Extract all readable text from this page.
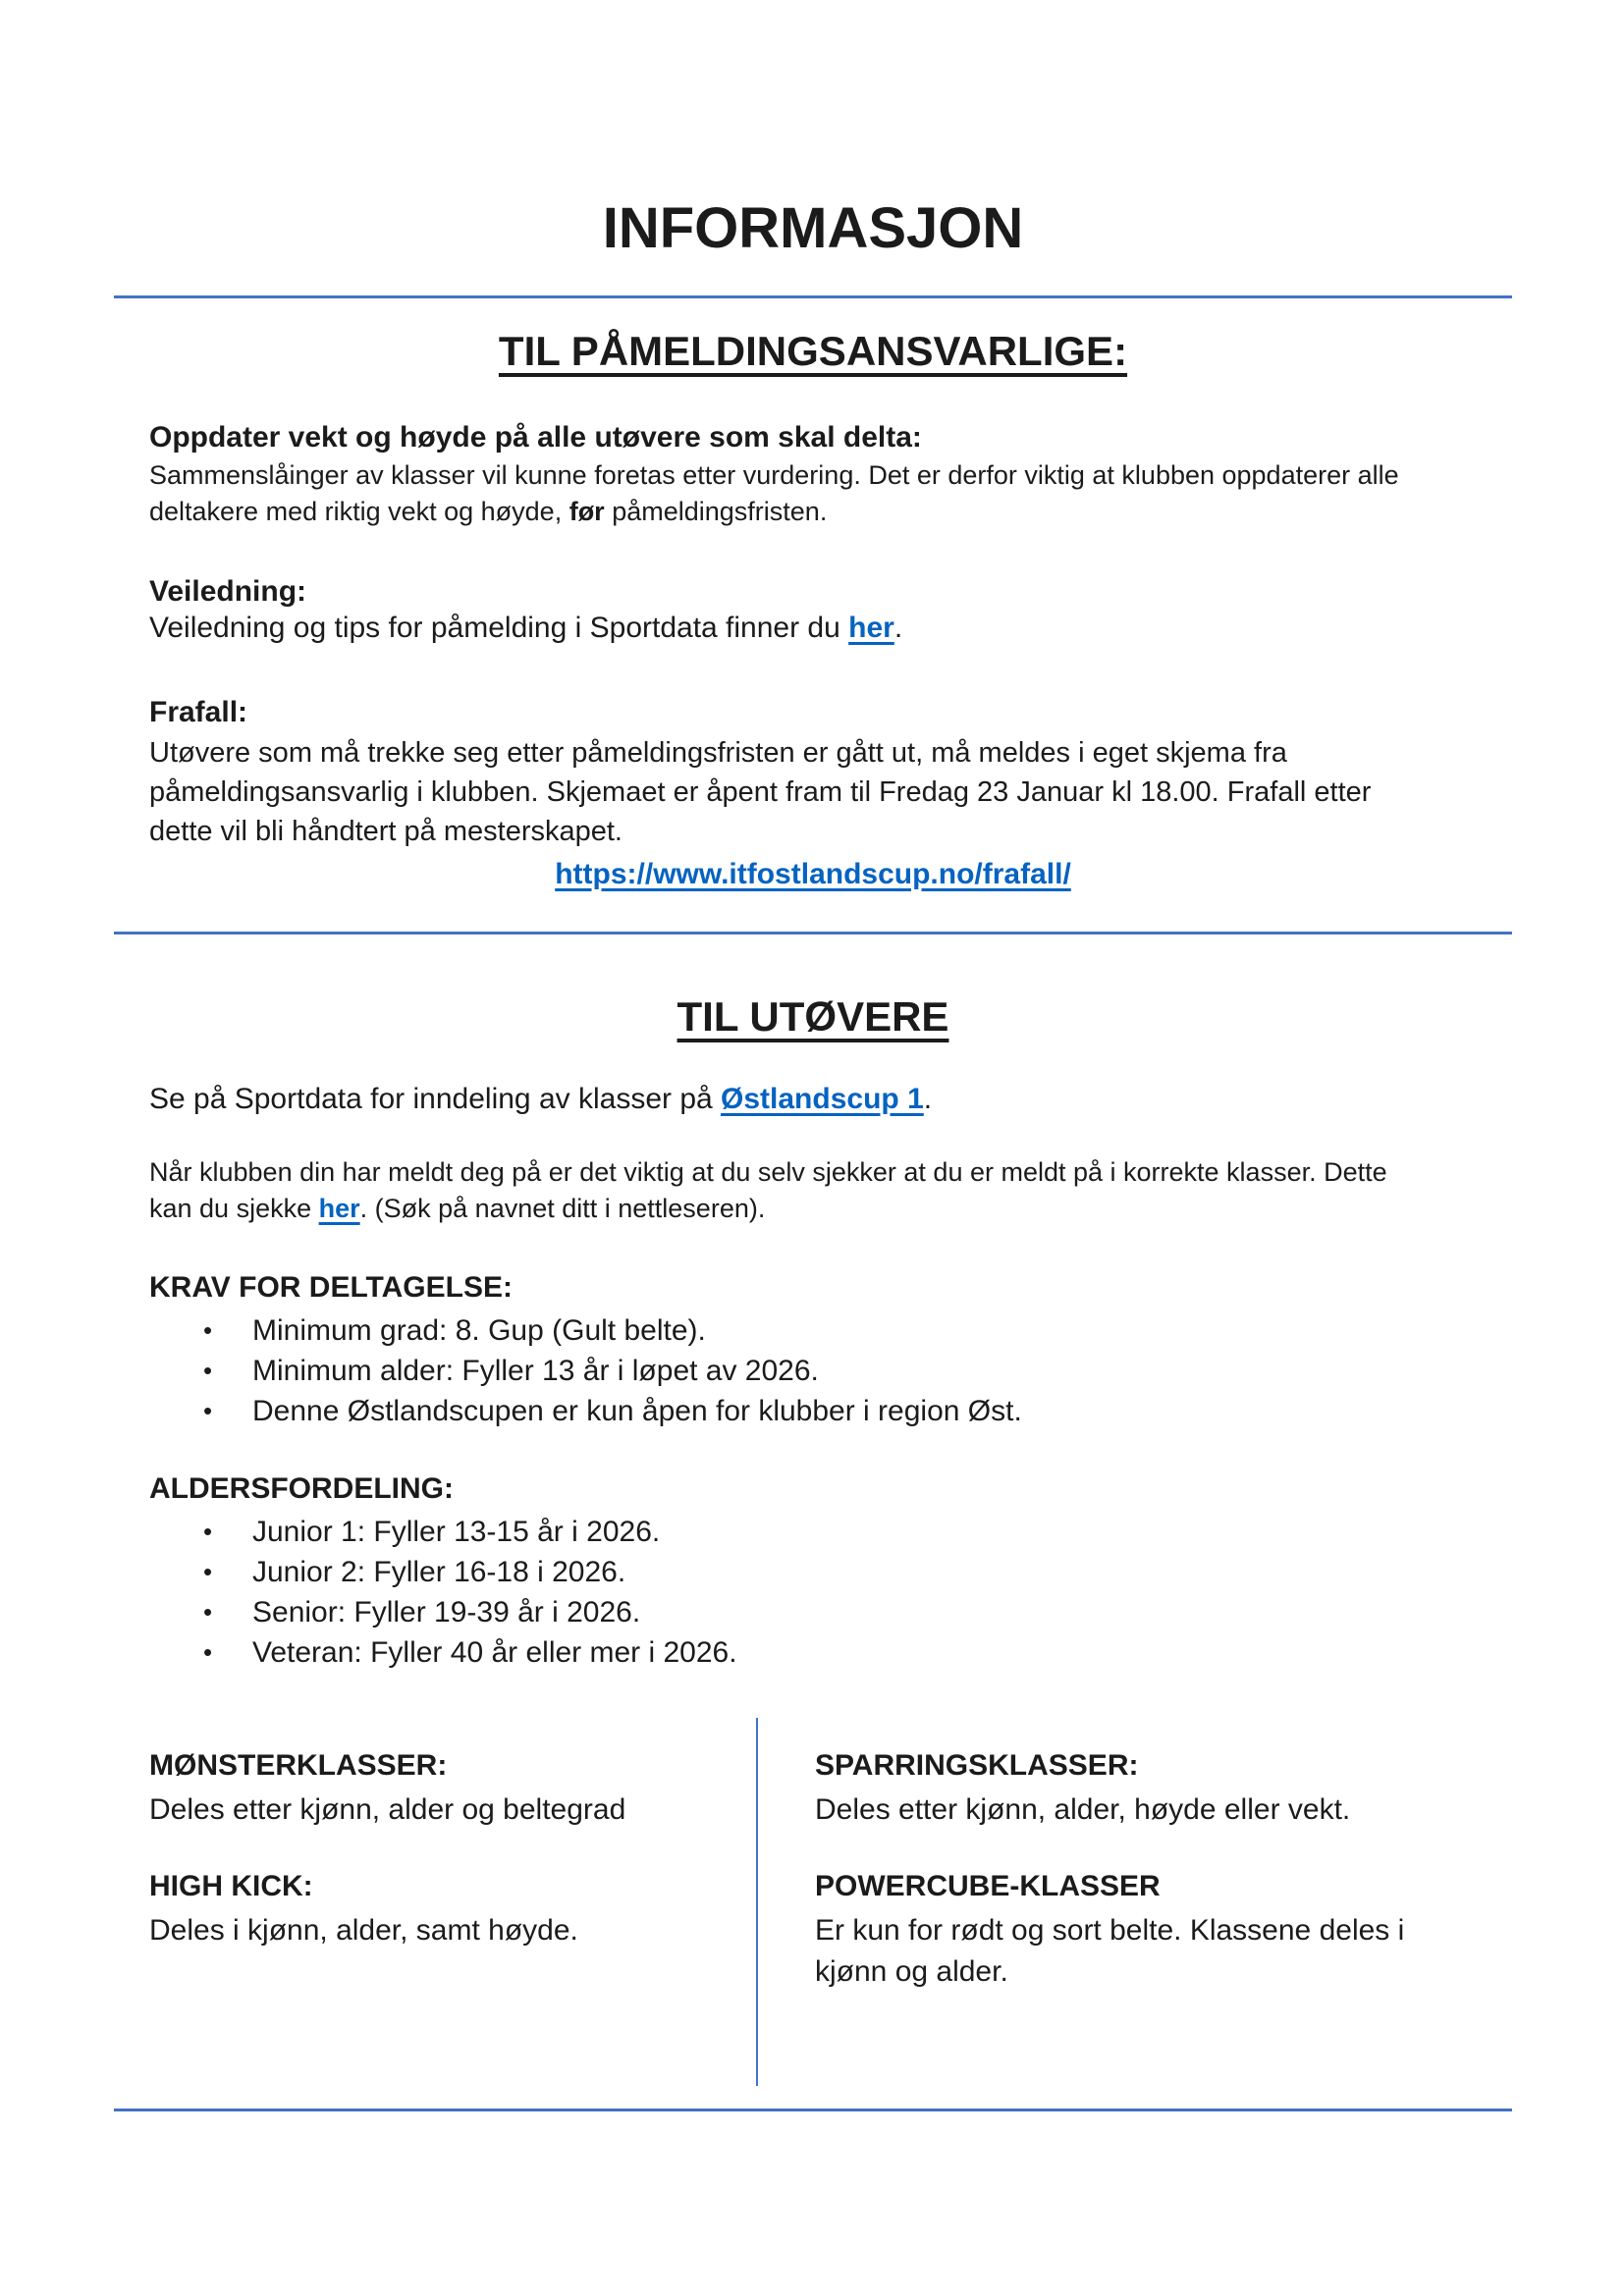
INFORMASJON
TIL PÅMELDINGSANSVARLIGE:

Oppdater vekt og høyde på alle utøvere som skal delta:

Sammenslåinger av klasser vil kunne foretas etter vurdering. Det er derfor viktig at klubben oppdaterer alle
deltakere med riktig vekt og høyde, før påmeldingsfristen.

Veiledning:

Veiledning og tips for påmelding i Sportdata finner du her.

Frafall:

Utøvere som må trekke seg etter påmeldingsfristen er gått ut, må meldes i eget skjema fra
påmeldingsansvarlig i klubben. Skjemaet er åpent fram til Fredag 23 Januar kl 18.00. Frafall etter
dette vil bli håndtert på mesterskapet.

https://www.itfostlandscup.no/frafall/

TIL UTØVERE

Se på Sportdata for inndeling av klasser på Østlandscup 1.

Når klubben din har meldt deg på er det viktig at du selv sjekker at du er meldt på i korrekte klasser. Dette
kan du sjekke her. (Søk på navnet ditt i nettleseren).

KRAV FOR DELTAGELSE:

• Minimum grad: 8. Gup (Gult belte).
• Minimum alder: Fyller 13 år i løpet av 2026.
• Denne Østlandscupen er kun åpen for klubber i region Øst.

ALDERSFORDELING:

• Junior 1: Fyller 13-15 år i 2026.
• Junior 2: Fyller 16-18 i 2026.
• Senior: Fyller 19-39 år i 2026.
• Veteran: Fyller 40 år eller mer i 2026.

MØNSTERKLASSER:

Deles etter kjønn, alder og beltegrad

HIGH KICK:

Deles i kjønn, alder, samt høyde.

SPARRINGSKLASSER:

Deles etter kjønn, alder, høyde eller vekt.

POWERCUBE-KLASSER

Er kun for rødt og sort belte. Klassene deles i
kjønn og alder.
